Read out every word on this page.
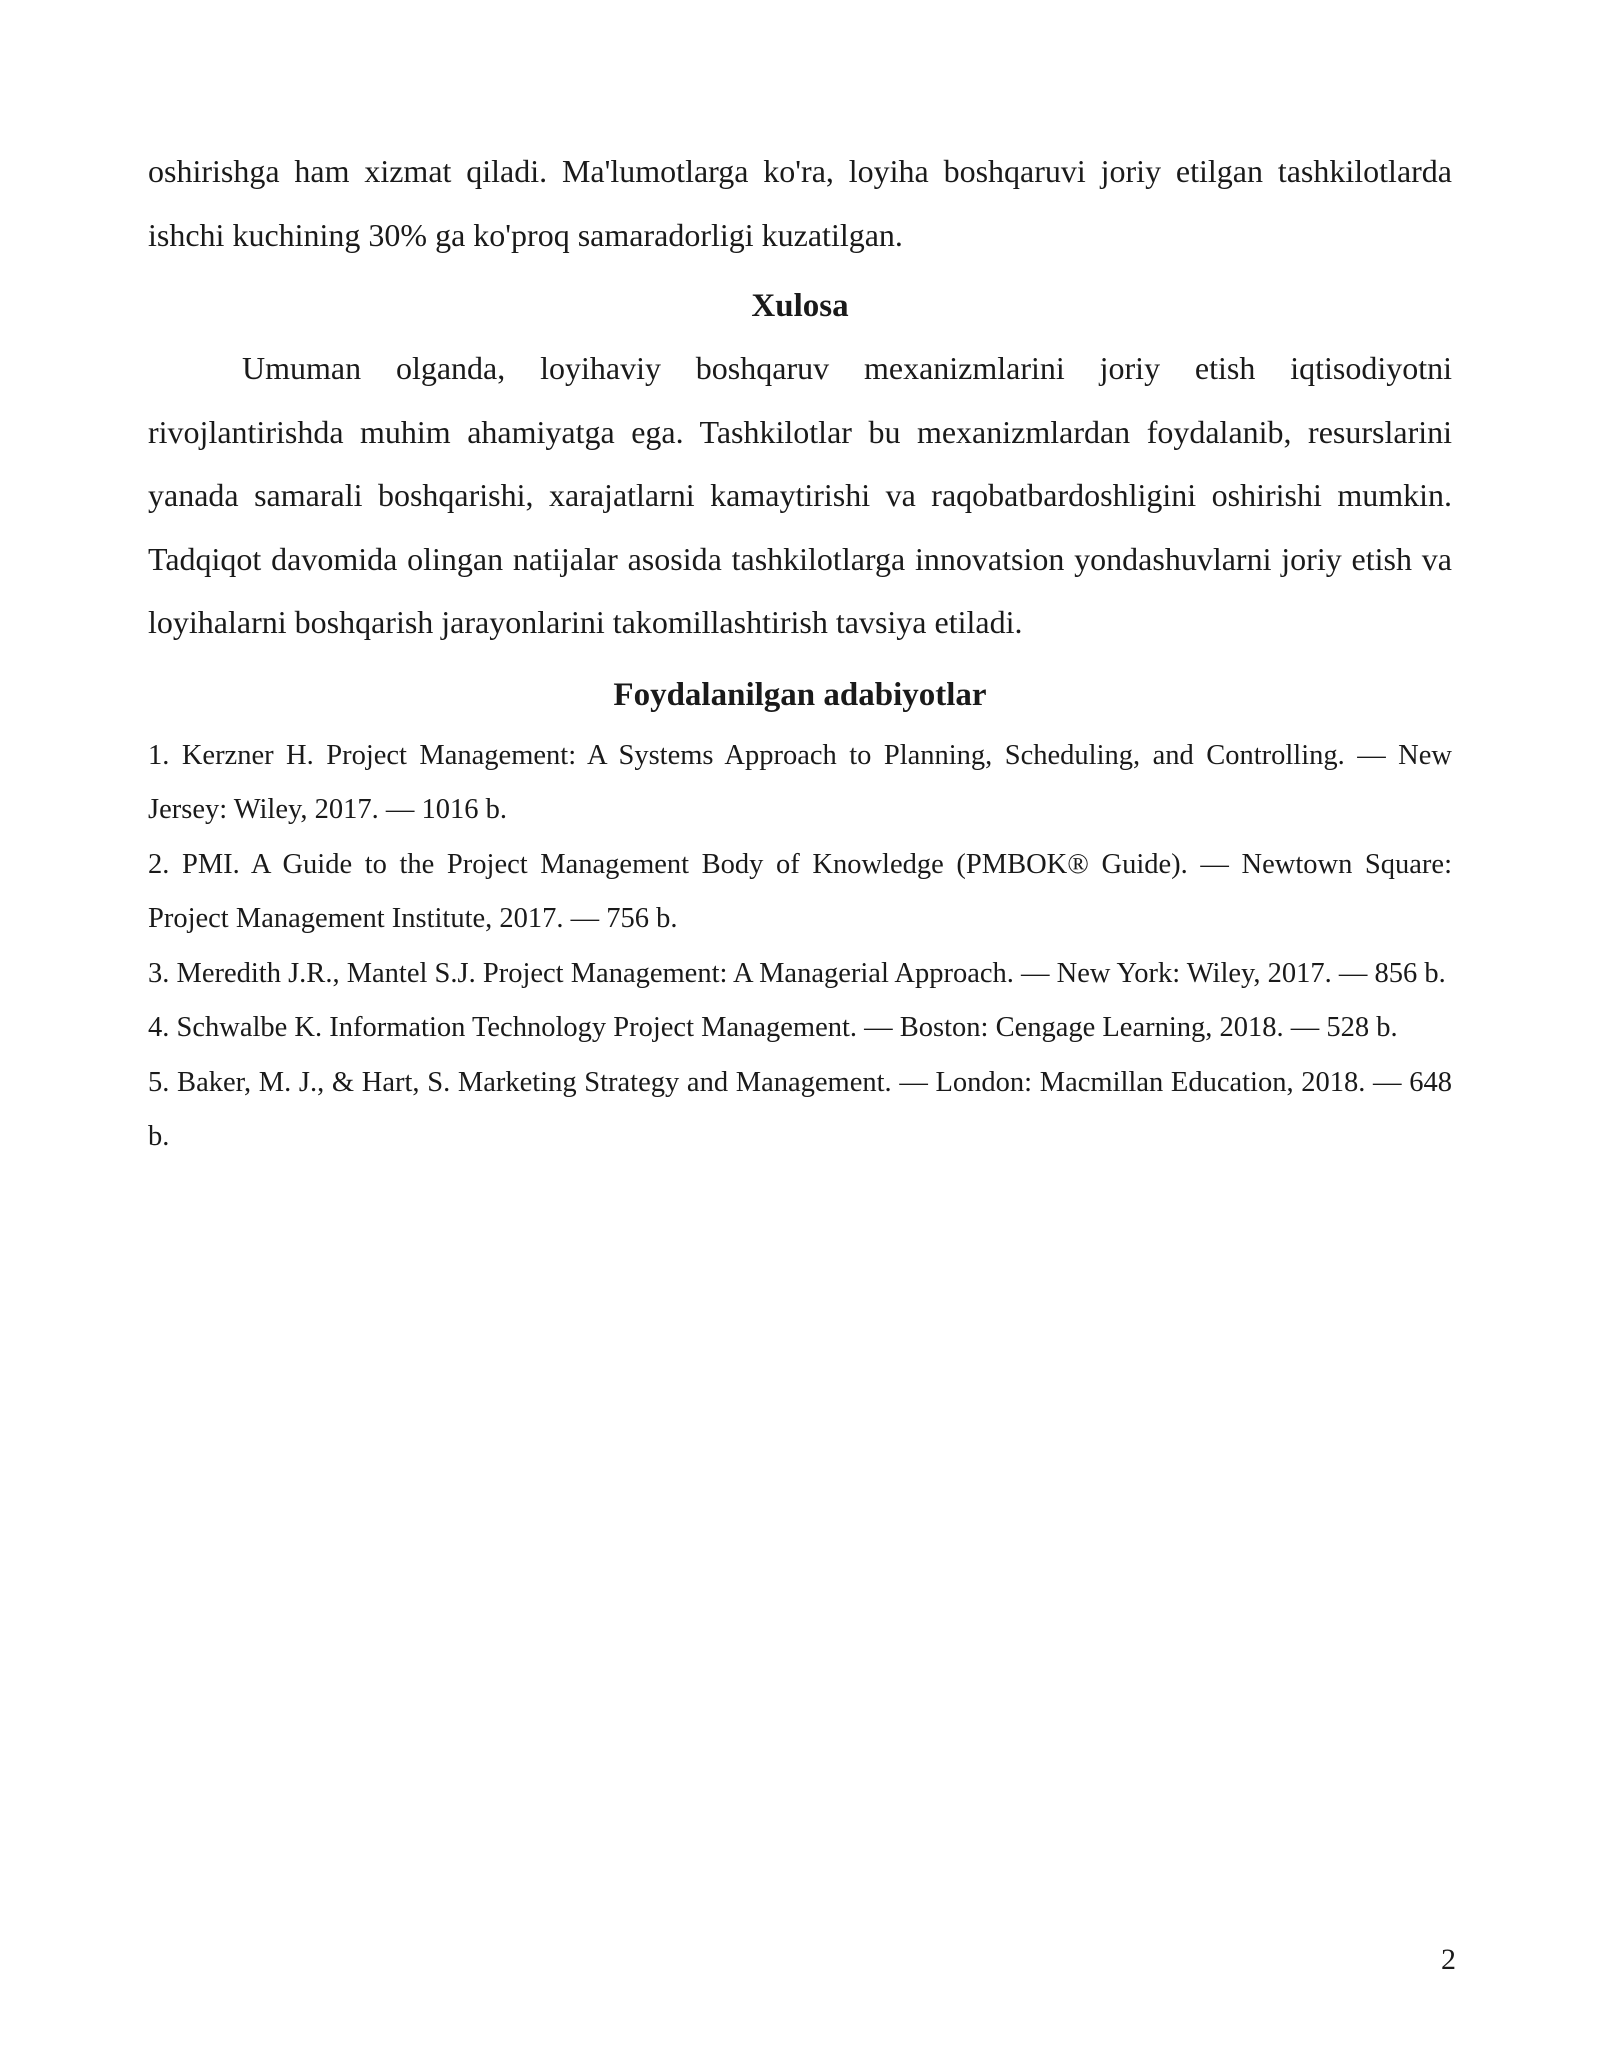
oshirishga ham xizmat qiladi. Ma'lumotlarga ko'ra, loyiha boshqaruvi joriy etilgan tashkilotlarda ishchi kuchining 30% ga ko'proq samaradorligi kuzatilgan.

Xulosa

Umuman olganda, loyihaviy boshqaruv mexanizmlarini joriy etish iqtisodiyotni rivojlantirishda muhim ahamiyatga ega. Tashkilotlar bu mexanizmlardan foydalanib, resurslarini yanada samarali boshqarishi, xarajatlarni kamaytirishi va raqobatbardoshligini oshirishi mumkin. Tadqiqot davomida olingan natijalar asosida tashkilotlarga innovatsion yondashuvlarni joriy etish va loyihalarni boshqarish jarayonlarini takomillashtirish tavsiya etiladi.

Foydalanilgan adabiyotlar

1. Kerzner H. Project Management: A Systems Approach to Planning, Scheduling, and Controlling. — New Jersey: Wiley, 2017. — 1016 b.

2. PMI. A Guide to the Project Management Body of Knowledge (PMBOK® Guide). — Newtown Square: Project Management Institute, 2017. — 756 b.

3. Meredith J.R., Mantel S.J. Project Management: A Managerial Approach. — New York: Wiley, 2017. — 856 b.

4. Schwalbe K. Information Technology Project Management. — Boston: Cengage Learning, 2018. — 528 b.

5. Baker, M. J., & Hart, S. Marketing Strategy and Management. — London: Macmillan Education, 2018. — 648 b.

2
